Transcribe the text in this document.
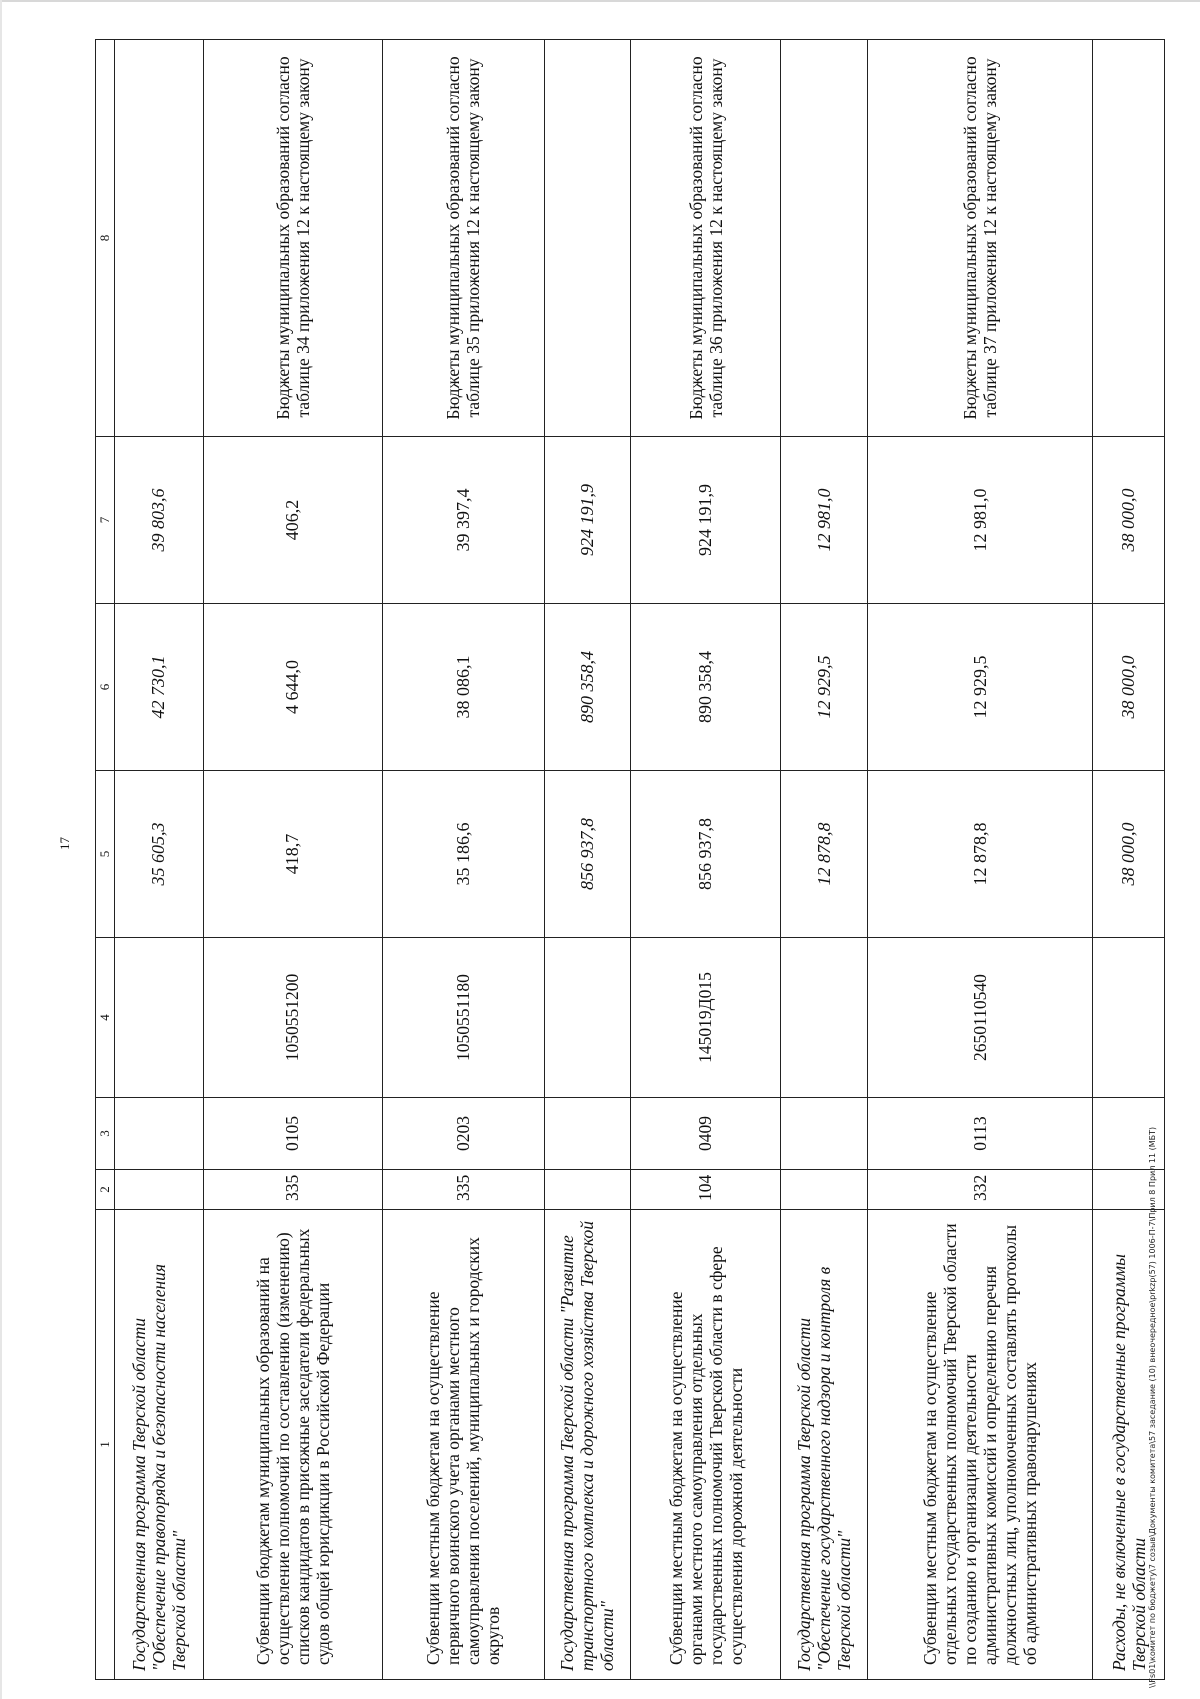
17
1	2	3	4	5	6	7	8
Государственная программа Тверской области "Обеспечение правопорядка и безопасности населения Тверской области"				35 605,3	42 730,1	39 803,6	
Субвенции бюджетам муниципальных образований на осуществление полномочий по составлению (изменению) списков кандидатов в присяжные заседатели федеральных судов общей юрисдикции в Российской Федерации	335	0105	1050551200	418,7	4 644,0	406,2	Бюджеты муниципальных образований согласно таблице 34 приложения 12 к настоящему закону
Субвенции местным бюджетам на осуществление первичного воинского учета органами местного самоуправления поселений, муниципальных и городских округов	335	0203	1050551180	35 186,6	38 086,1	39 397,4	Бюджеты муниципальных образований согласно таблице 35 приложения 12 к настоящему закону
Государственная программа Тверской области "Развитие транспортного комплекса и дорожного хозяйства Тверской области"				856 937,8	890 358,4	924 191,9	
Субвенции местным бюджетам на осуществление органами местного самоуправления отдельных государственных полномочий Тверской области в сфере осуществления дорожной деятельности	104	0409	145019Д015	856 937,8	890 358,4	924 191,9	Бюджеты муниципальных образований согласно таблице 36 приложения 12 к настоящему закону
Государственная программа Тверской области "Обеспечение государственного надзора и контроля в Тверской области"				12 878,8	12 929,5	12 981,0	
Субвенции местным бюджетам на осуществление отдельных государственных полномочий Тверской области по созданию и организации деятельности административных комиссий и определению перечня должностных лиц, уполномоченных составлять протоколы об административных правонарушениях	332	0113	2650110540	12 878,8	12 929,5	12 981,0	Бюджеты муниципальных образований согласно таблице 37 приложения 12 к настоящему закону
Расходы, не включенные в государственные программы Тверской области				38 000,0	38 000,0	38 000,0	
\\Fs01\комитет по бюджету\7 созыв\Документы комитета\57 заседание (10) внеочередное\prkzp(57) 1006-П-7\Прил 8 Прил 11 (МБТ)
